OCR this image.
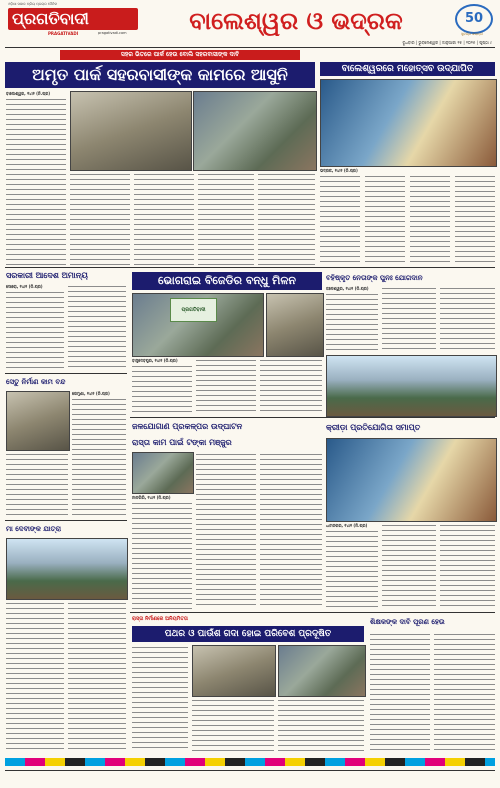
ଓଡ଼ିଶା ସକାଳ ପ୍ରିୟ ପ୍ରଚାର ଦୈନିକ
ପ୍ରଗତିବାଦୀ
PRAGATIVADI	pragativadi.com	ବାଲେଶ୍ୱର ଓ ଭଦ୍ରକ	50
ସୁବର୍ଣ୍ଣ ଜୟନ୍ତୀ
ବୁଧବାର | ଭୁବନେଶ୍ୱର | ଜାନୁଆରୀ ୧୫ | ୨୦୨୫ | ପୃଷ୍ଠା ୯
ସହର ଭିତରେ ପାର୍କ ହେଉ ବୋଲି ସହରବାସୀଙ୍କ ଦାବି
ଅମୃତ ପାର୍କ ସହରବାସୀଙ୍କ କାମରେ ଆସୁନି
ବାଲେଶ୍ୱର, ୧୪ା୧ (ନି.ପ୍ର)
ବାଲେଶ୍ୱରରେ ମହୋତ୍ସବ ଉଦ୍‌ଯାପିତ
ଭଦ୍ରକ, ୧୪ା୧ (ନି.ପ୍ର)
ସରକାରୀ ଆଦେଶ ଅମାନ୍ୟ
ସୋରୋ, ୧୪ା୧ (ନି.ପ୍ର)	ଭୋଗରାଇ ବିଜେଡିର ବନ୍ଧୁ ମିଳନ
ପ୍ରଗତିବାଦୀ
ବାସୁଦେବପୁର, ୧୪ା୧ (ନି.ପ୍ର)
ବହିଷ୍କୃତ ନେତାଙ୍କ ପୁନଃ ଯୋଗଦାନ
ଜଳେଶ୍ୱର, ୧୪ା୧ (ନି.ପ୍ର)
ସେତୁ ନିର୍ମାଣ କାମ ବନ୍ଦ
ରେମୁଣା, ୧୪ା୧ (ନି.ପ୍ର)
ଜଳଯୋଗାଣ ପ୍ରକଳ୍ପର ଉଦ୍‌ଘାଟନ
ରାସ୍ତା କାମ ପାଇଁ ଟଙ୍କା ମଞ୍ଜୁର
ନୀଳଗିରି, ୧୪ା୧ (ନି.ପ୍ର)
କ୍ରୀଡ଼ା ପ୍ରତିଯୋଗିତା ସମାପ୍ତ
ଧାମନଗର, ୧୪ା୧ (ନି.ପ୍ର)
ମା ଦେବୀଙ୍କ ଯାତ୍ରା
ରାସ୍ତା ନିର୍ମାଣରେ ଅନିୟମିତତା
ପଥର ଓ ପାଉଁଶ ଗଦା ହୋଇ ପରିବେଶ ପ୍ରଦୂଷିତ
ଶିକ୍ଷକଙ୍କ ଦାବି ପୂରଣ ହେଉ
